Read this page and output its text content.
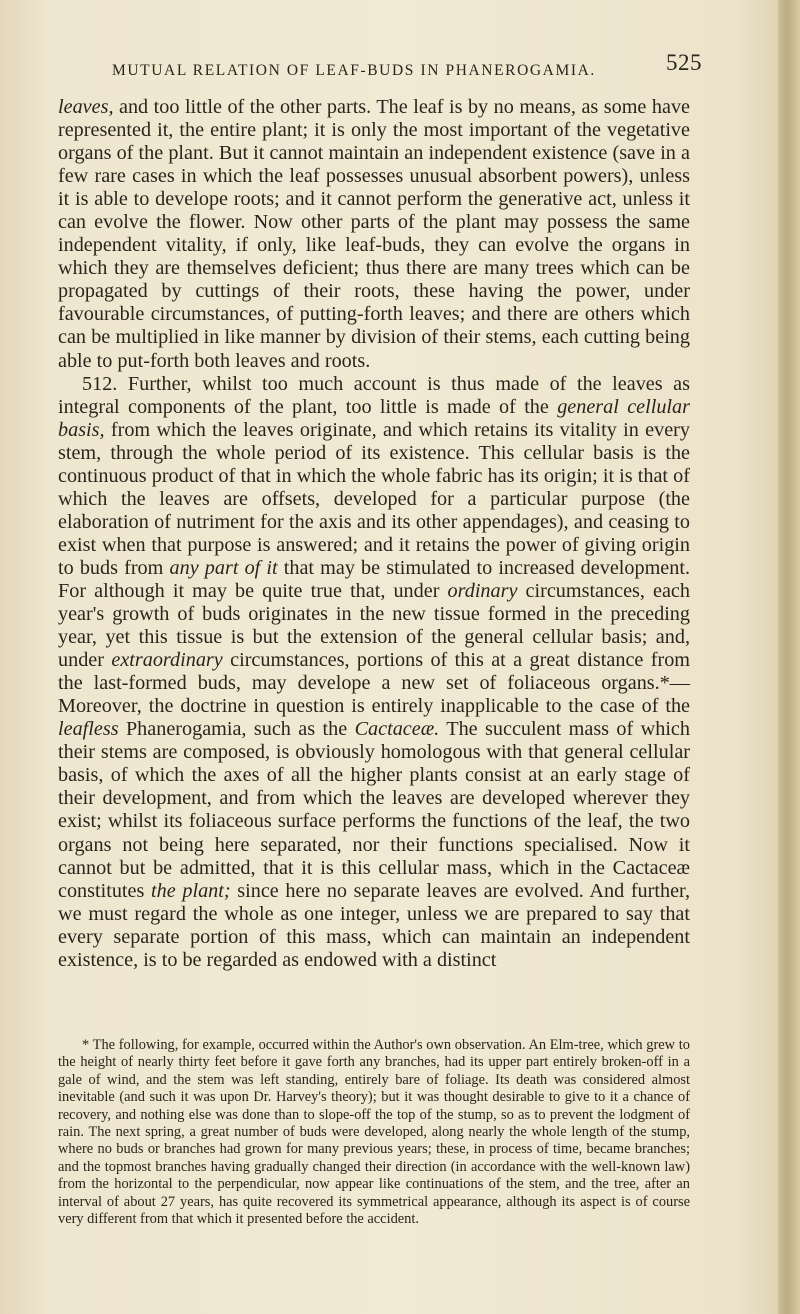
MUTUAL RELATION OF LEAF-BUDS IN PHANEROGAMIA.	525

leaves, and too little of the other parts. The leaf is by no means, as some have represented it, the entire plant; it is only the most important of the vegetative organs of the plant. But it cannot maintain an independent existence (save in a few rare cases in which the leaf possesses unusual absorbent powers), unless it is able to develope roots; and it cannot perform the generative act, unless it can evolve the flower. Now other parts of the plant may possess the same independent vitality, if only, like leaf-buds, they can evolve the organs in which they are themselves deficient; thus there are many trees which can be propagated by cuttings of their roots, these having the power, under favourable circumstances, of putting-forth leaves; and there are others which can be multiplied in like manner by division of their stems, each cutting being able to put-forth both leaves and roots.

512. Further, whilst too much account is thus made of the leaves as integral components of the plant, too little is made of the general cellular basis, from which the leaves originate, and which retains its vitality in every stem, through the whole period of its existence. This cellular basis is the continuous product of that in which the whole fabric has its origin; it is that of which the leaves are offsets, developed for a particular purpose (the elaboration of nutriment for the axis and its other appendages), and ceasing to exist when that purpose is answered; and it retains the power of giving origin to buds from any part of it that may be stimulated to increased development. For although it may be quite true that, under ordinary circumstances, each year's growth of buds originates in the new tissue formed in the preceding year, yet this tissue is but the extension of the general cellular basis; and, under extraordinary circumstances, portions of this at a great distance from the last-formed buds, may develope a new set of foliaceous organs.*—Moreover, the doctrine in question is entirely inapplicable to the case of the leafless Phanerogamia, such as the Cactaceæ. The succulent mass of which their stems are composed, is obviously homologous with that general cellular basis, of which the axes of all the higher plants consist at an early stage of their development, and from which the leaves are developed wherever they exist; whilst its foliaceous surface performs the functions of the leaf, the two organs not being here separated, nor their functions specialised. Now it cannot but be admitted, that it is this cellular mass, which in the Cactaceæ constitutes the plant; since here no separate leaves are evolved. And further, we must regard the whole as one integer, unless we are prepared to say that every separate portion of this mass, which can maintain an independent existence, is to be regarded as endowed with a distinct

* The following, for example, occurred within the Author's own observation. An Elm-tree, which grew to the height of nearly thirty feet before it gave forth any branches, had its upper part entirely broken-off in a gale of wind, and the stem was left standing, entirely bare of foliage. Its death was considered almost inevitable (and such it was upon Dr. Harvey's theory); but it was thought desirable to give to it a chance of recovery, and nothing else was done than to slope-off the top of the stump, so as to prevent the lodgment of rain. The next spring, a great number of buds were developed, along nearly the whole length of the stump, where no buds or branches had grown for many previous years; these, in process of time, became branches; and the topmost branches having gradually changed their direction (in accordance with the well-known law) from the horizontal to the perpendicular, now appear like continuations of the stem, and the tree, after an interval of about 27 years, has quite recovered its symmetrical appearance, although its aspect is of course very different from that which it presented before the accident.
